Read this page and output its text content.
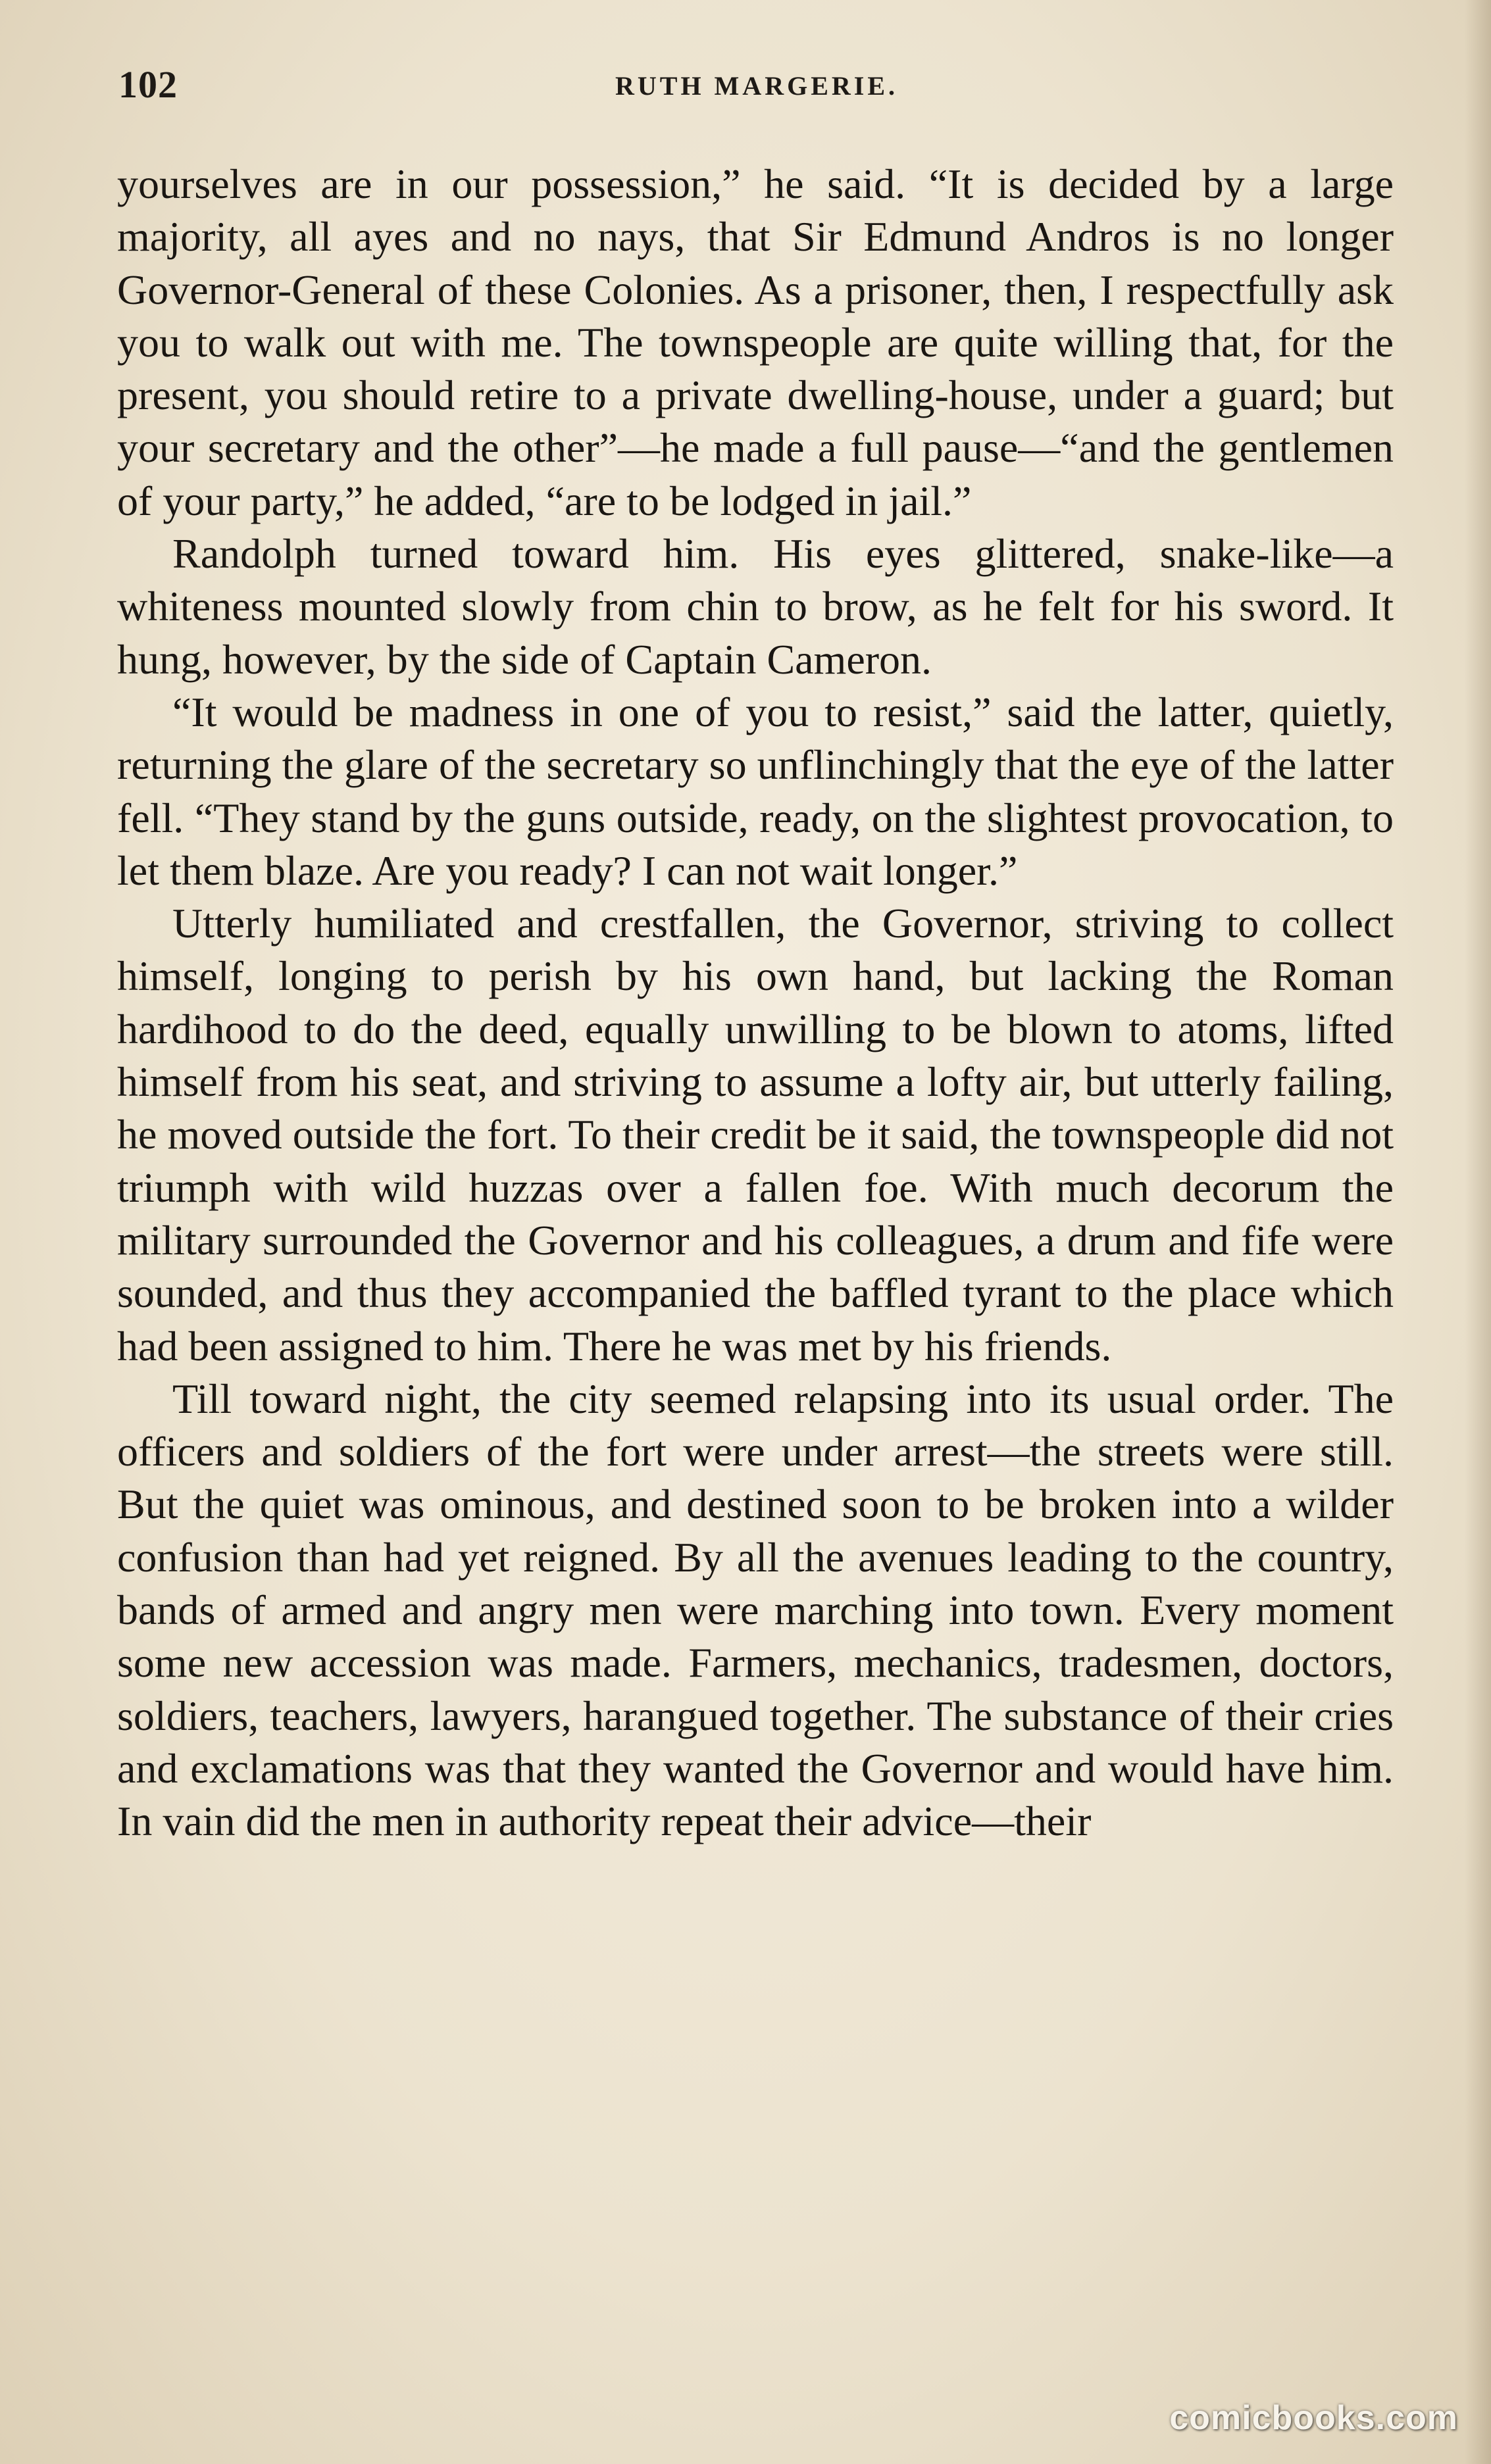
102	RUTH MARGERIE.

yourselves are in our possession,” he said. “It is decided by a large majority, all ayes and no nays, that Sir Edmund Andros is no longer Governor-General of these Colonies. As a prisoner, then, I respectfully ask you to walk out with me. The townspeople are quite willing that, for the present, you should retire to a private dwelling-house, under a guard; but your secretary and the other”—he made a full pause—“and the gentlemen of your party,” he added, “are to be lodged in jail.”

Randolph turned toward him. His eyes glittered, snake-like—a whiteness mounted slowly from chin to brow, as he felt for his sword. It hung, however, by the side of Captain Cameron.

“It would be madness in one of you to resist,” said the latter, quietly, returning the glare of the secretary so unflinchingly that the eye of the latter fell. “They stand by the guns outside, ready, on the slightest provocation, to let them blaze. Are you ready? I can not wait longer.”

Utterly humiliated and crestfallen, the Governor, striving to collect himself, longing to perish by his own hand, but lacking the Roman hardihood to do the deed, equally unwilling to be blown to atoms, lifted himself from his seat, and striving to assume a lofty air, but utterly failing, he moved outside the fort. To their credit be it said, the townspeople did not triumph with wild huzzas over a fallen foe. With much decorum the military surrounded the Governor and his colleagues, a drum and fife were sounded, and thus they accompanied the baffled tyrant to the place which had been assigned to him. There he was met by his friends.

Till toward night, the city seemed relapsing into its usual order. The officers and soldiers of the fort were under arrest—the streets were still. But the quiet was ominous, and destined soon to be broken into a wilder confusion than had yet reigned. By all the avenues leading to the country, bands of armed and angry men were marching into town. Every moment some new accession was made. Farmers, mechanics, tradesmen, doctors, soldiers, teachers, lawyers, harangued together. The substance of their cries and exclamations was that they wanted the Governor and would have him. In vain did the men in authority repeat their advice—their

comicbooks.com
